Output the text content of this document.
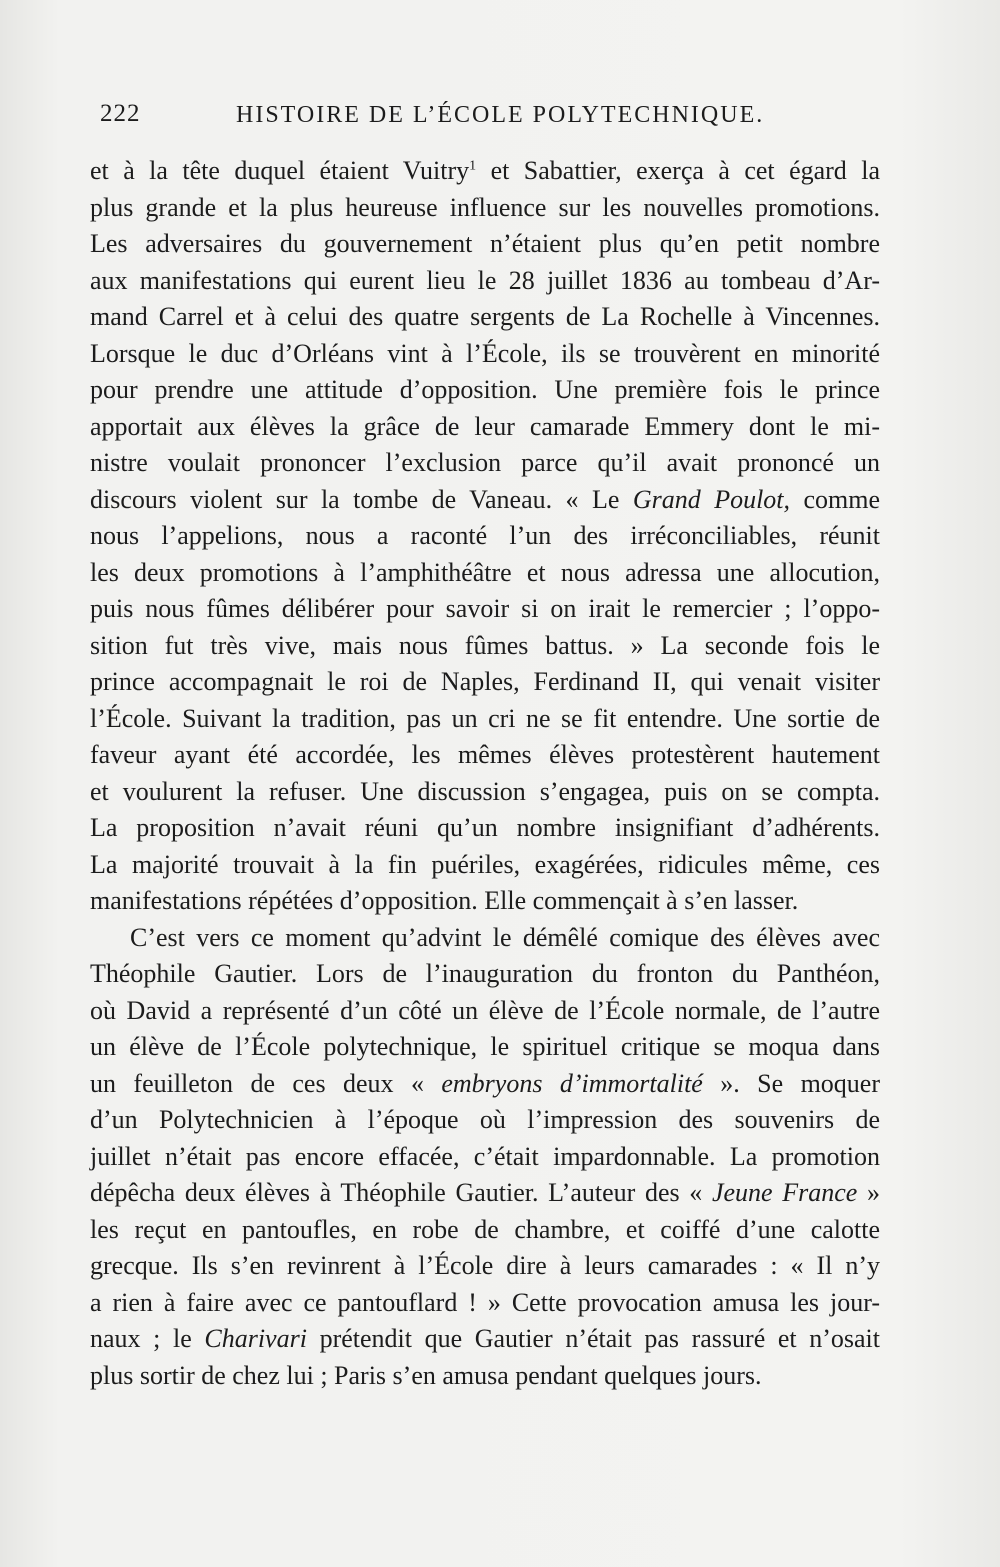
222	HISTOIRE DE L’ÉCOLE POLYTECHNIQUE.
et à la tête duquel étaient Vuitry$^1$ et Sabattier, exerça à cet égard la
plus grande et la plus heureuse influence sur les nouvelles promotions.
Les adversaires du gouvernement n’étaient plus qu’en petit nombre
aux manifestations qui eurent lieu le 28 juillet 1836 au tombeau d’Ar-
mand Carrel et à celui des quatre sergents de La Rochelle à Vincennes.
Lorsque le duc d’Orléans vint à l’École, ils se trouvèrent en minorité
pour prendre une attitude d’opposition. Une première fois le prince
apportait aux élèves la grâce de leur camarade Emmery dont le mi-
nistre voulait prononcer l’exclusion parce qu’il avait prononcé un
discours violent sur la tombe de Vaneau. « Le Grand Poulot, comme
nous l’appelions, nous a raconté l’un des irréconciliables, réunit
les deux promotions à l’amphithéâtre et nous adressa une allocution,
puis nous fûmes délibérer pour savoir si on irait le remercier ; l’oppo-
sition fut très vive, mais nous fûmes battus. » La seconde fois le
prince accompagnait le roi de Naples, Ferdinand II, qui venait visiter
l’École. Suivant la tradition, pas un cri ne se fit entendre. Une sortie de
faveur ayant été accordée, les mêmes élèves protestèrent hautement
et voulurent la refuser. Une discussion s’engagea, puis on se compta.
La proposition n’avait réuni qu’un nombre insignifiant d’adhérents.
La majorité trouvait à la fin puériles, exagérées, ridicules même, ces
manifestations répétées d’opposition. Elle commençait à s’en lasser.
C’est vers ce moment qu’advint le démêlé comique des élèves avec
Théophile Gautier. Lors de l’inauguration du fronton du Panthéon,
où David a représenté d’un côté un élève de l’École normale, de l’autre
un élève de l’École polytechnique, le spirituel critique se moqua dans
un feuilleton de ces deux « embryons d’immortalité ». Se moquer
d’un Polytechnicien à l’époque où l’impression des souvenirs de
juillet n’était pas encore effacée, c’était impardonnable. La promotion
dépêcha deux élèves à Théophile Gautier. L’auteur des « Jeune France »
les reçut en pantoufles, en robe de chambre, et coiffé d’une calotte
grecque. Ils s’en revinrent à l’École dire à leurs camarades : « Il n’y
a rien à faire avec ce pantouflard ! » Cette provocation amusa les jour-
naux ; le Charivari prétendit que Gautier n’était pas rassuré et n’osait
plus sortir de chez lui ; Paris s’en amusa pendant quelques jours.
